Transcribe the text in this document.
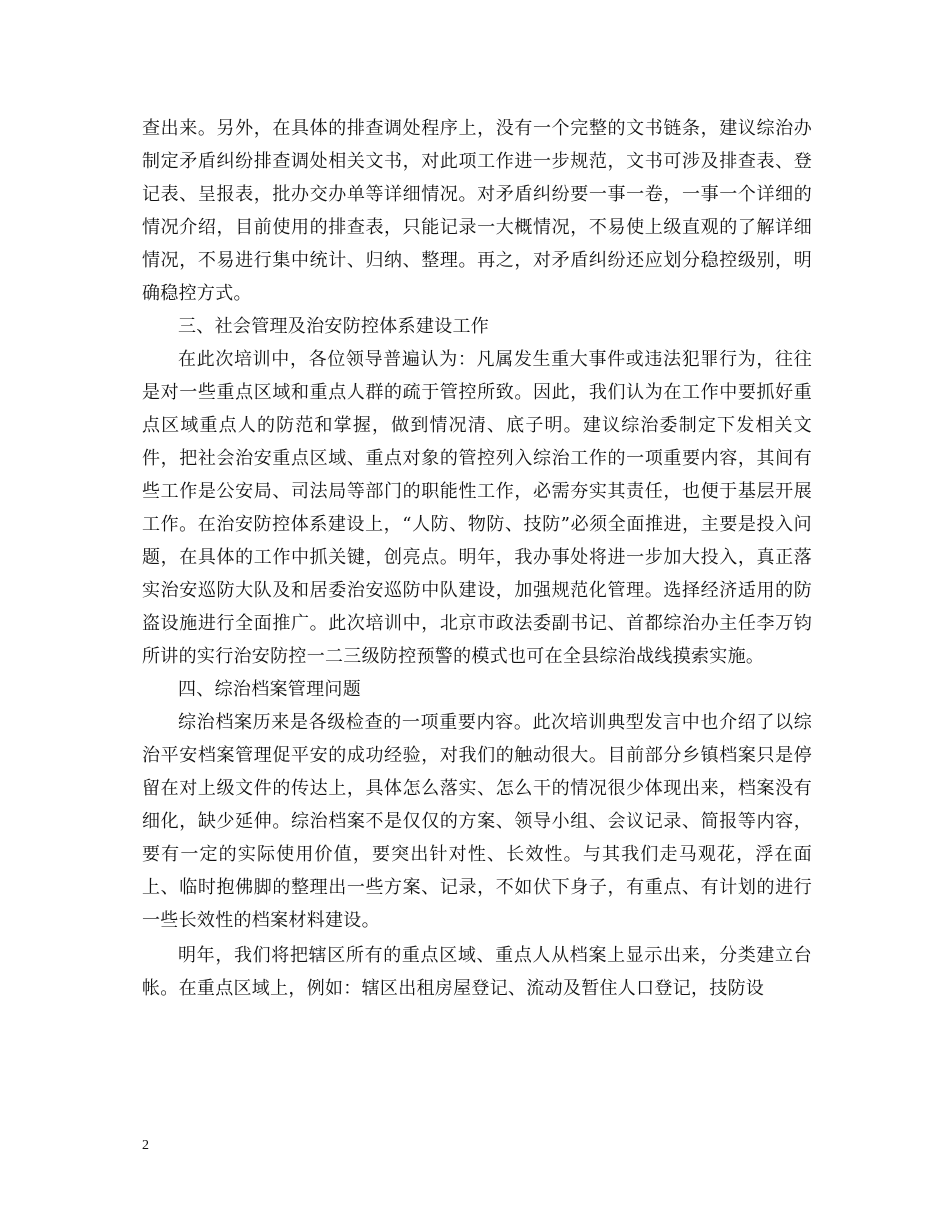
查出来。另外，在具体的排查调处程序上，没有一个完整的文书链条，建议综治办制定矛盾纠纷排查调处相关文书，对此项工作进一步规范，文书可涉及排查表、登记表、呈报表，批办交办单等详细情况。对矛盾纠纷要一事一卷，一事一个详细的情况介绍，目前使用的排查表，只能记录一大概情况，不易使上级直观的了解详细情况，不易进行集中统计、归纳、整理。再之，对矛盾纠纷还应划分稳控级别，明确稳控方式。

三、社会管理及治安防控体系建设工作

在此次培训中，各位领导普遍认为：凡属发生重大事件或违法犯罪行为，往往是对一些重点区域和重点人群的疏于管控所致。因此，我们认为在工作中要抓好重点区域重点人的防范和掌握，做到情况清、底子明。建议综治委制定下发相关文件，把社会治安重点区域、重点对象的管控列入综治工作的一项重要内容，其间有些工作是公安局、司法局等部门的职能性工作，必需夯实其责任，也便于基层开展工作。在治安防控体系建设上，“人防、物防、技防”必须全面推进，主要是投入问题，在具体的工作中抓关键，创亮点。明年，我办事处将进一步加大投入，真正落实治安巡防大队及和居委治安巡防中队建设，加强规范化管理。选择经济适用的防盗设施进行全面推广。此次培训中，北京市政法委副书记、首都综治办主任李万钧所讲的实行治安防控一二三级防控预警的模式也可在全县综治战线摸索实施。

四、综治档案管理问题

综治档案历来是各级检查的一项重要内容。此次培训典型发言中也介绍了以综治平安档案管理促平安的成功经验，对我们的触动很大。目前部分乡镇档案只是停留在对上级文件的传达上，具体怎么落实、怎么干的情况很少体现出来，档案没有细化，缺少延伸。综治档案不是仅仅的方案、领导小组、会议记录、简报等内容，要有一定的实际使用价值，要突出针对性、长效性。与其我们走马观花，浮在面上、临时抱佛脚的整理出一些方案、记录，不如伏下身子，有重点、有计划的进行一些长效性的档案材料建设。

明年，我们将把辖区所有的重点区域、重点人从档案上显示出来，分类建立台帐。在重点区域上，例如：辖区出租房屋登记、流动及暂住人口登记，技防设

2
